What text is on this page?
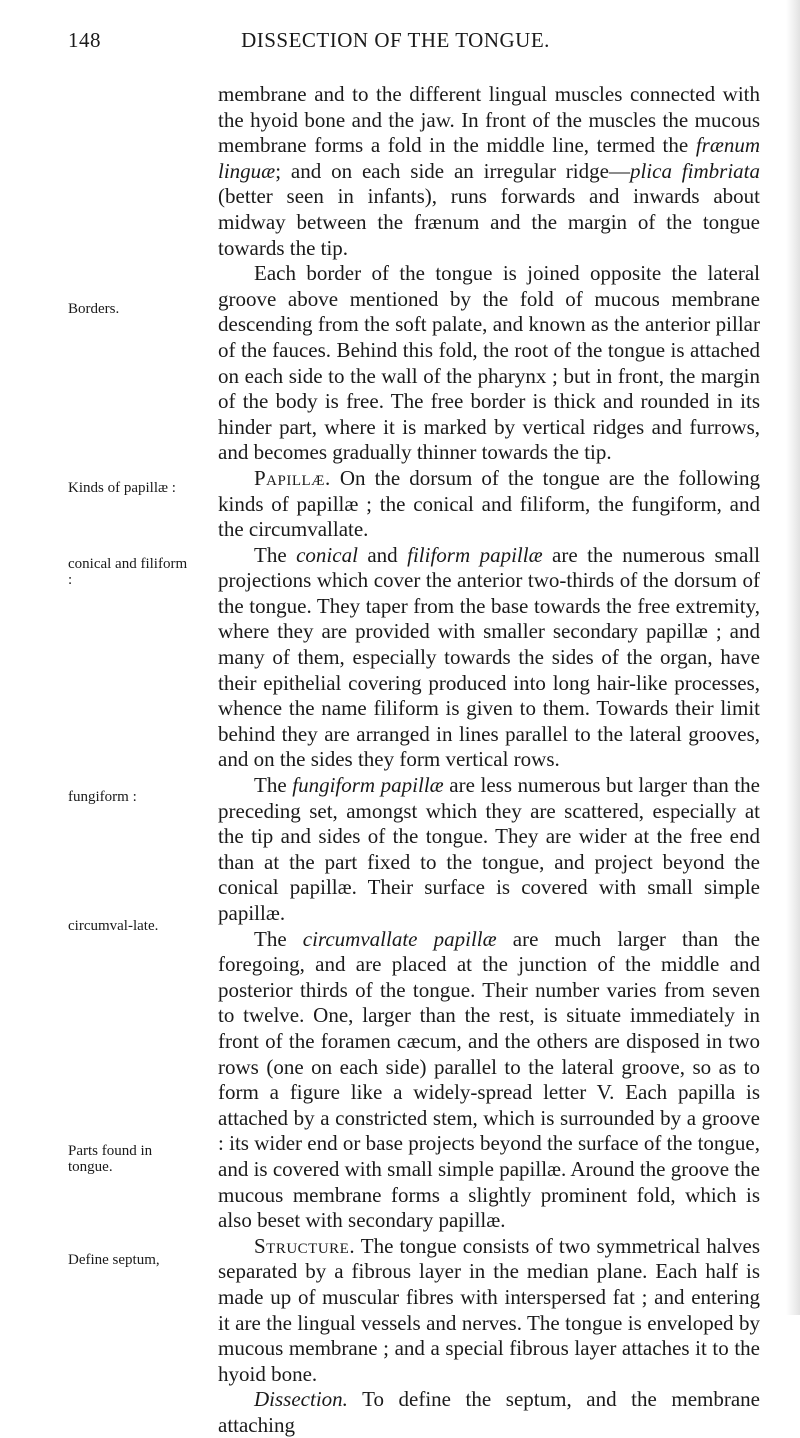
148	DISSECTION OF THE TONGUE.
Borders.
Kinds of papillæ :
conical and filiform :
fungiform :
circumval-late.
Parts found in tongue.
Define septum,

membrane and to the different lingual muscles connected with the hyoid bone and the jaw. In front of the muscles the mucous membrane forms a fold in the middle line, termed the frænum linguæ; and on each side an irregular ridge—plica fimbriata (better seen in infants), runs forwards and inwards about midway between the frænum and the margin of the tongue towards the tip.

Each border of the tongue is joined opposite the lateral groove above mentioned by the fold of mucous membrane descending from the soft palate, and known as the anterior pillar of the fauces. Behind this fold, the root of the tongue is attached on each side to the wall of the pharynx ; but in front, the margin of the body is free. The free border is thick and rounded in its hinder part, where it is marked by vertical ridges and furrows, and becomes gradually thinner towards the tip.

Papillæ. On the dorsum of the tongue are the following kinds of papillæ ; the conical and filiform, the fungiform, and the circumvallate.

The conical and filiform papillæ are the numerous small projections which cover the anterior two-thirds of the dorsum of the tongue. They taper from the base towards the free extremity, where they are provided with smaller secondary papillæ ; and many of them, especially towards the sides of the organ, have their epithelial covering produced into long hair-like processes, whence the name filiform is given to them. Towards their limit behind they are arranged in lines parallel to the lateral grooves, and on the sides they form vertical rows.

The fungiform papillæ are less numerous but larger than the preceding set, amongst which they are scattered, especially at the tip and sides of the tongue. They are wider at the free end than at the part fixed to the tongue, and project beyond the conical papillæ. Their surface is covered with small simple papillæ.

The circumvallate papillæ are much larger than the foregoing, and are placed at the junction of the middle and posterior thirds of the tongue. Their number varies from seven to twelve. One, larger than the rest, is situate immediately in front of the foramen cæcum, and the others are disposed in two rows (one on each side) parallel to the lateral groove, so as to form a figure like a widely-spread letter V. Each papilla is attached by a constricted stem, which is surrounded by a groove : its wider end or base projects beyond the surface of the tongue, and is covered with small simple papillæ. Around the groove the mucous membrane forms a slightly prominent fold, which is also beset with secondary papillæ.

Structure. The tongue consists of two symmetrical halves separated by a fibrous layer in the median plane. Each half is made up of muscular fibres with interspersed fat ; and entering it are the lingual vessels and nerves. The tongue is enveloped by mucous membrane ; and a special fibrous layer attaches it to the hyoid bone.

Dissection. To define the septum, and the membrane attaching
